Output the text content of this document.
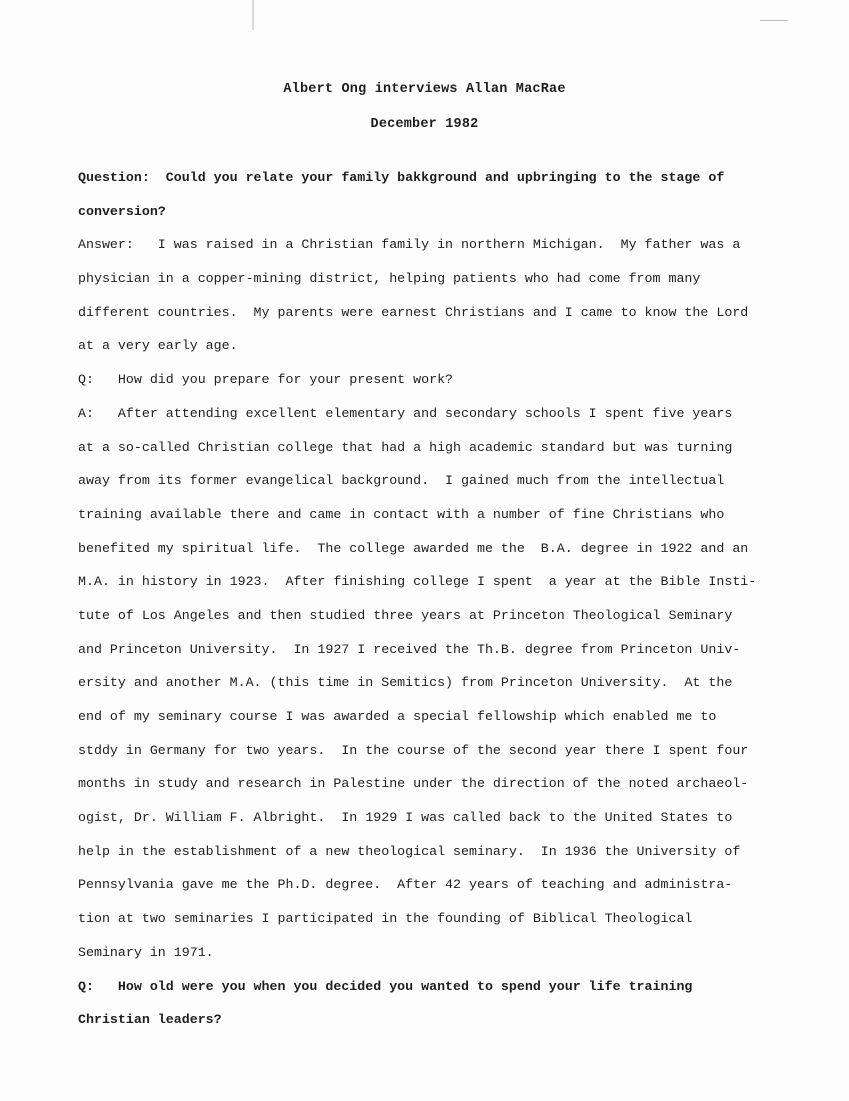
Albert Ong interviews Allan MacRae
December 1982
Question:  Could you relate your family bakkground and upbringing to the stage of
conversion?
Answer:   I was raised in a Christian family in northern Michigan.  My father was a
physician in a copper-mining district, helping patients who had come from many
different countries.  My parents were earnest Christians and I came to know the Lord
at a very early age.
Q:   How did you prepare for your present work?
A:   After attending excellent elementary and secondary schools I spent five years
at a so-called Christian college that had a high academic standard but was turning
away from its former evangelical background.  I gained much from the intellectual
training available there and came in contact with a number of fine Christians who
benefited my spiritual life.  The college awarded me the  B.A. degree in 1922 and an
M.A. in history in 1923.  After finishing college I spent  a year at the Bible Insti-
tute of Los Angeles and then studied three years at Princeton Theological Seminary
and Princeton University.  In 1927 I received the Th.B. degree from Princeton Univ-
ersity and another M.A. (this time in Semitics) from Princeton University.  At the
end of my seminary course I was awarded a special fellowship which enabled me to
stddy in Germany for two years.  In the course of the second year there I spent four
months in study and research in Palestine under the direction of the noted archaeol-
ogist, Dr. William F. Albright.  In 1929 I was called back to the United States to
help in the establishment of a new theological seminary.  In 1936 the University of
Pennsylvania gave me the Ph.D. degree.  After 42 years of teaching and administra-
tion at two seminaries I participated in the founding of Biblical Theological
Seminary in 1971.
Q:   How old were you when you decided you wanted to spend your life training
Christian leaders?
